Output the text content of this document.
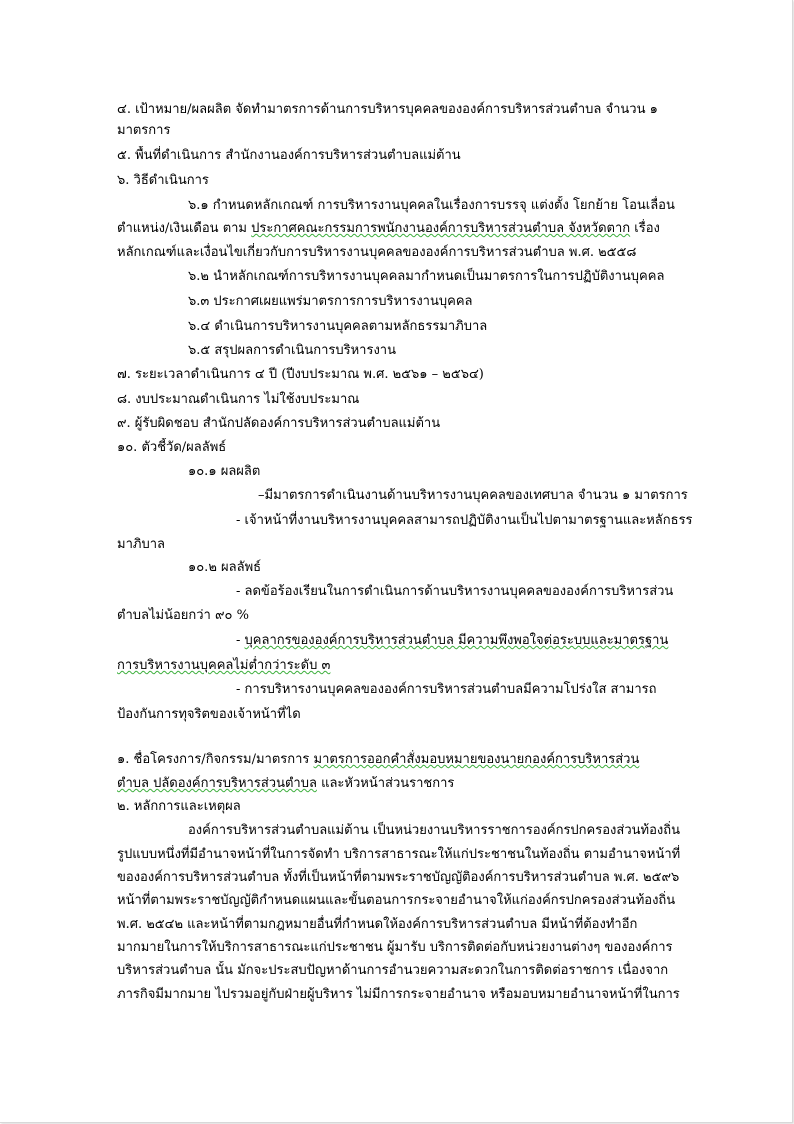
๔. เป้าหมาย/ผลผลิต จัดทำมาตรการด้านการบริหารบุคคลขององค์การบริหารส่วนตำบล จำนวน ๑
มาตรการ
๕. พื้นที่ดำเนินการ สำนักงานองค์การบริหารส่วนตำบลแม่ต้าน
๖. วิธีดำเนินการ
๖.๑ กำหนดหลักเกณฑ์ การบริหารงานบุคคลในเรื่องการบรรจุ แต่งตั้ง โยกย้าย โอนเลื่อน
ตำแหน่ง/เงินเดือน ตาม ประกาศคณะกรรมการพนักงานองค์การบริหารส่วนตำบล จังหวัดตาก เรื่อง
หลักเกณฑ์และเงื่อนไขเกี่ยวกับการบริหารงานบุคคลขององค์การบริหารส่วนตำบล พ.ศ. ๒๕๕๘
๖.๒ นำหลักเกณฑ์การบริหารงานบุคคลมากำหนดเป็นมาตรการในการปฏิบัติงานบุคคล
๖.๓ ประกาศเผยแพร่มาตรการการบริหารงานบุคคล
๖.๔ ดำเนินการบริหารงานบุคคลตามหลักธรรมาภิบาล
๖.๕ สรุปผลการดำเนินการบริหารงาน
๗. ระยะเวลาดำเนินการ ๔ ปี (ปีงบประมาณ พ.ศ. ๒๕๖๑ – ๒๕๖๔)
๘. งบประมาณดำเนินการ ไม่ใช้งบประมาณ
๙. ผู้รับผิดชอบ สำนักปลัดองค์การบริหารส่วนตำบลแม่ต้าน
๑๐. ตัวชี้วัด/ผลลัพธ์
๑๐.๑ ผลผลิต
–มีมาตรการดำเนินงานด้านบริหารงานบุคคลของเทศบาล จำนวน ๑ มาตรการ
- เจ้าหน้าที่งานบริหารงานบุคคลสามารถปฏิบัติงานเป็นไปตามาตรฐานและหลักธรร
มาภิบาล
๑๐.๒ ผลลัพธ์
- ลดข้อร้องเรียนในการดำเนินการด้านบริหารงานบุคคลขององค์การบริหารส่วน
ตำบลไม่น้อยกว่า ๙๐ %
- บุคลากรขององค์การบริหารส่วนตำบล มีความพึงพอใจต่อระบบและมาตรฐาน
การบริหารงานบุคคลไม่ต่ำกว่าระดับ ๓
- การบริหารงานบุคคลขององค์การบริหารส่วนตำบลมีความโปร่งใส สามารถ
ป้องกันการทุจริตของเจ้าหน้าที่ได
๑. ชื่อโครงการ/กิจกรรม/มาตรการ มาตรการออกคำสั่งมอบหมายของนายกองค์การบริหารส่วน
ตำบล ปลัดองค์การบริหารส่วนตำบล และหัวหน้าส่วนราชการ
๒. หลักการและเหตุผล
องค์การบริหารส่วนตำบลแม่ต้าน เป็นหน่วยงานบริหารราชการองค์กรปกครองส่วนท้องถิ่น
รูปแบบหนึ่งที่มีอำนาจหน้าที่ในการจัดทำ บริการสาธารณะให้แก่ประชาชนในท้องถิ่น ตามอำนาจหน้าที่
ขององค์การบริหารส่วนตำบล ทั้งที่เป็นหน้าที่ตามพระราชบัญญัติองค์การบริหารส่วนตำบล พ.ศ. ๒๕๙๖
หน้าที่ตามพระราชบัญญัติกำหนดแผนและขั้นตอนการกระจายอำนาจให้แก่องค์กรปกครองส่วนท้องถิ่น
พ.ศ. ๒๕๔๒ และหน้าที่ตามกฎหมายอื่นที่กำหนดให้องค์การบริหารส่วนตำบล มีหน้าที่ต้องทำอีก
มากมายในการให้บริการสาธารณะแก่ประชาชน ผู้มารับ บริการติดต่อกับหน่วยงานต่างๆ ขององค์การ
บริหารส่วนตำบล นั้น มักจะประสบปัญหาด้านการอำนวยความสะดวกในการติดต่อราชการ เนื่องจาก
ภารกิจมีมากมาย ไปรวมอยู่กับฝ่ายผู้บริหาร ไม่มีการกระจายอำนาจ หรือมอบหมายอำนาจหน้าที่ในการ
